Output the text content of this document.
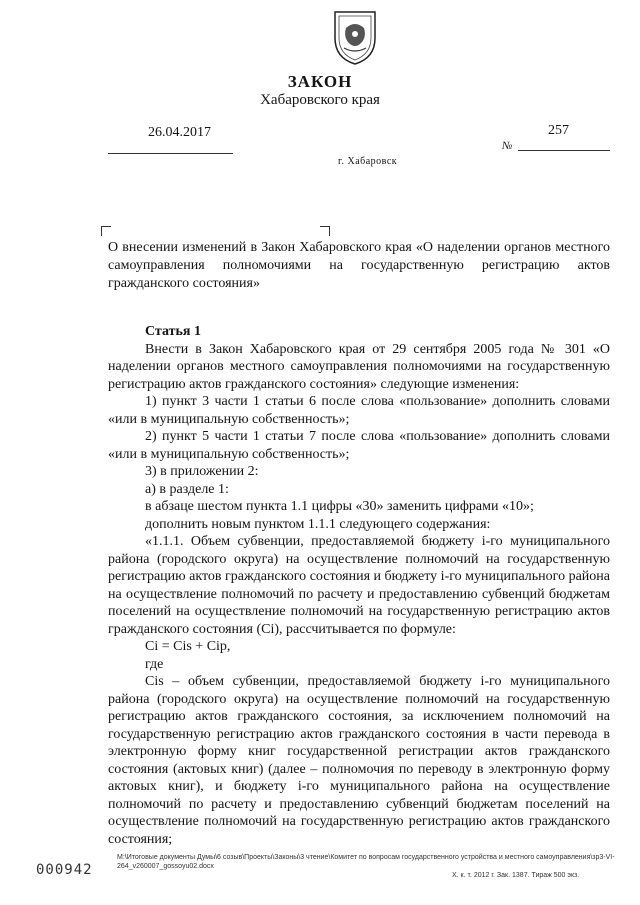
ЗАКОН
Хабаровского края
26.04.2017	257
№
г. Хабаровск
О внесении изменений в Закон Хабаровского края «О наделении органов местного самоуправления полномочиями на государственную регистрацию актов гражданского состояния»

Статья 1

Внести в Закон Хабаровского края от 29 сентября 2005 года № 301 «О наделении органов местного самоуправления полномочиями на государственную регистрацию актов гражданского состояния» следующие изменения:

1) пункт 3 части 1 статьи 6 после слова «пользование» дополнить словами «или в муниципальную собственность»;

2) пункт 5 части 1 статьи 7 после слова «пользование» дополнить словами «или в муниципальную собственность»;

3) в приложении 2:

а) в разделе 1:

в абзаце шестом пункта 1.1 цифры «30» заменить цифрами «10»;

дополнить новым пунктом 1.1.1 следующего содержания:

«1.1.1. Объем субвенции, предоставляемой бюджету i-го муниципального района (городского округа) на осуществление полномочий на государственную регистрацию актов гражданского состояния и бюджету i-го муниципального района на осуществление полномочий по расчету и предоставлению субвенций бюджетам поселений на осуществление полномочий на государственную регистрацию актов гражданского состояния (Ci), рассчитывается по формуле:

Ci = Cis + Cip,

где

Cis – объем субвенции, предоставляемой бюджету i-го муниципального района (городского округа) на осуществление полномочий на государственную регистрацию актов гражданского состояния, за исключением полномочий на государственную регистрацию актов гражданского состояния в части перевода в электронную форму книг государственной регистрации актов гражданского состояния (актовых книг) (далее – полномочия по переводу в электронную форму актовых книг), и бюджету i-го муниципального района на осуществление полномочий по расчету и предоставлению субвенций бюджетам поселений на осуществление полномочий на государственную регистрацию актов гражданского состояния;

M:\Итоговые документы Думы\6 созыв\Проекты\Законы\3 чтение\Комитет по вопросам государственного устройства и местного самоуправления\зр3-VI-264_v260007_gossoyu02.docx
000942	Х. к. т. 2012 г. Зак. 1387. Тираж 500 экз.
